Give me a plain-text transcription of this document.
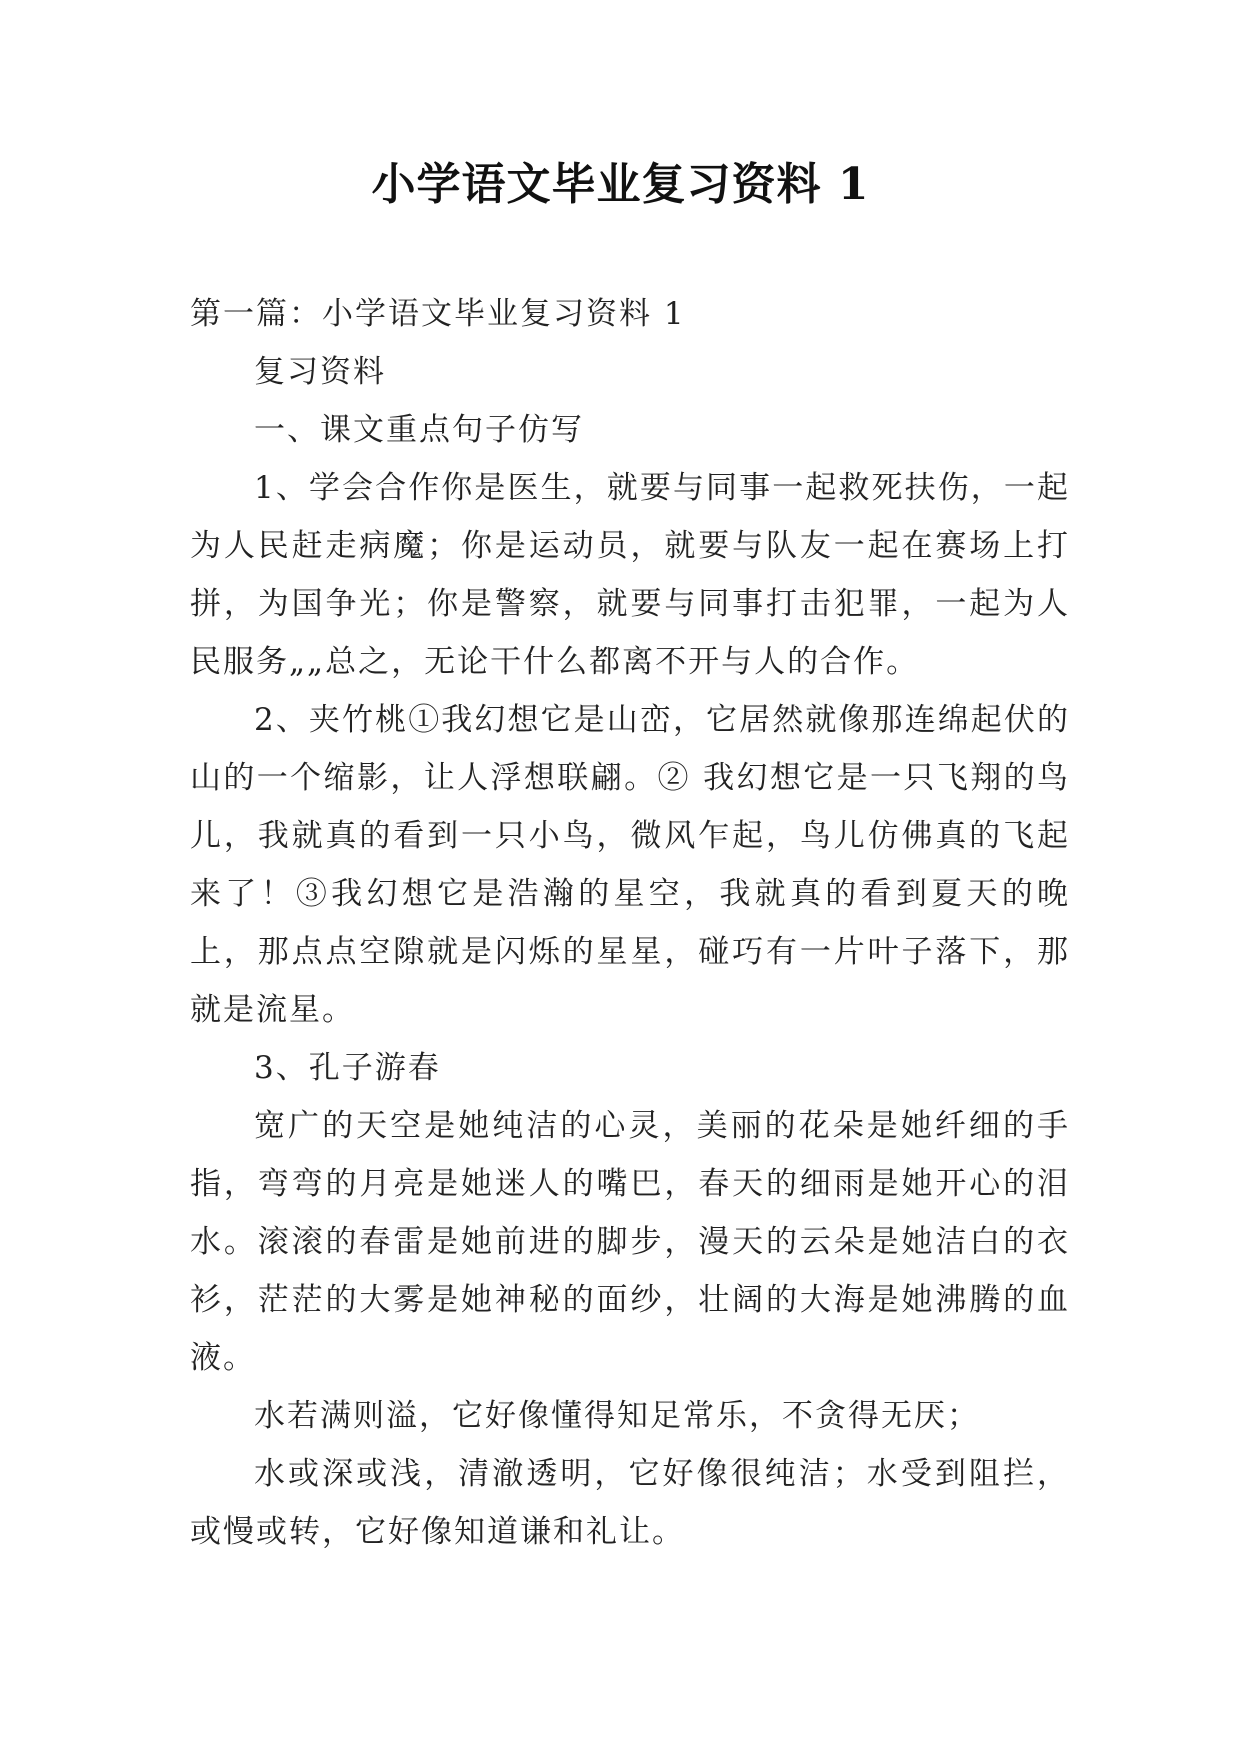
小学语文毕业复习资料 1

第一篇：小学语文毕业复习资料 1

复习资料

一、课文重点句子仿写

1、学会合作你是医生，就要与同事一起救死扶伤，一起为人民赶走病魔；你是运动员，就要与队友一起在赛场上打拼，为国争光；你是警察，就要与同事打击犯罪，一起为人民服务„„总之，无论干什么都离不开与人的合作。

2、夹竹桃①我幻想它是山峦，它居然就像那连绵起伏的山的一个缩影，让人浮想联翩。② 我幻想它是一只飞翔的鸟儿，我就真的看到一只小鸟，微风乍起，鸟儿仿佛真的飞起来了！③我幻想它是浩瀚的星空，我就真的看到夏天的晚上，那点点空隙就是闪烁的星星，碰巧有一片叶子落下，那就是流星。

3、孔子游春

宽广的天空是她纯洁的心灵，美丽的花朵是她纤细的手指，弯弯的月亮是她迷人的嘴巴，春天的细雨是她开心的泪水。滚滚的春雷是她前进的脚步，漫天的云朵是她洁白的衣衫，茫茫的大雾是她神秘的面纱，壮阔的大海是她沸腾的血液。

水若满则溢，它好像懂得知足常乐，不贪得无厌；

水或深或浅，清澈透明，它好像很纯洁；水受到阻拦，或慢或转，它好像知道谦和礼让。
